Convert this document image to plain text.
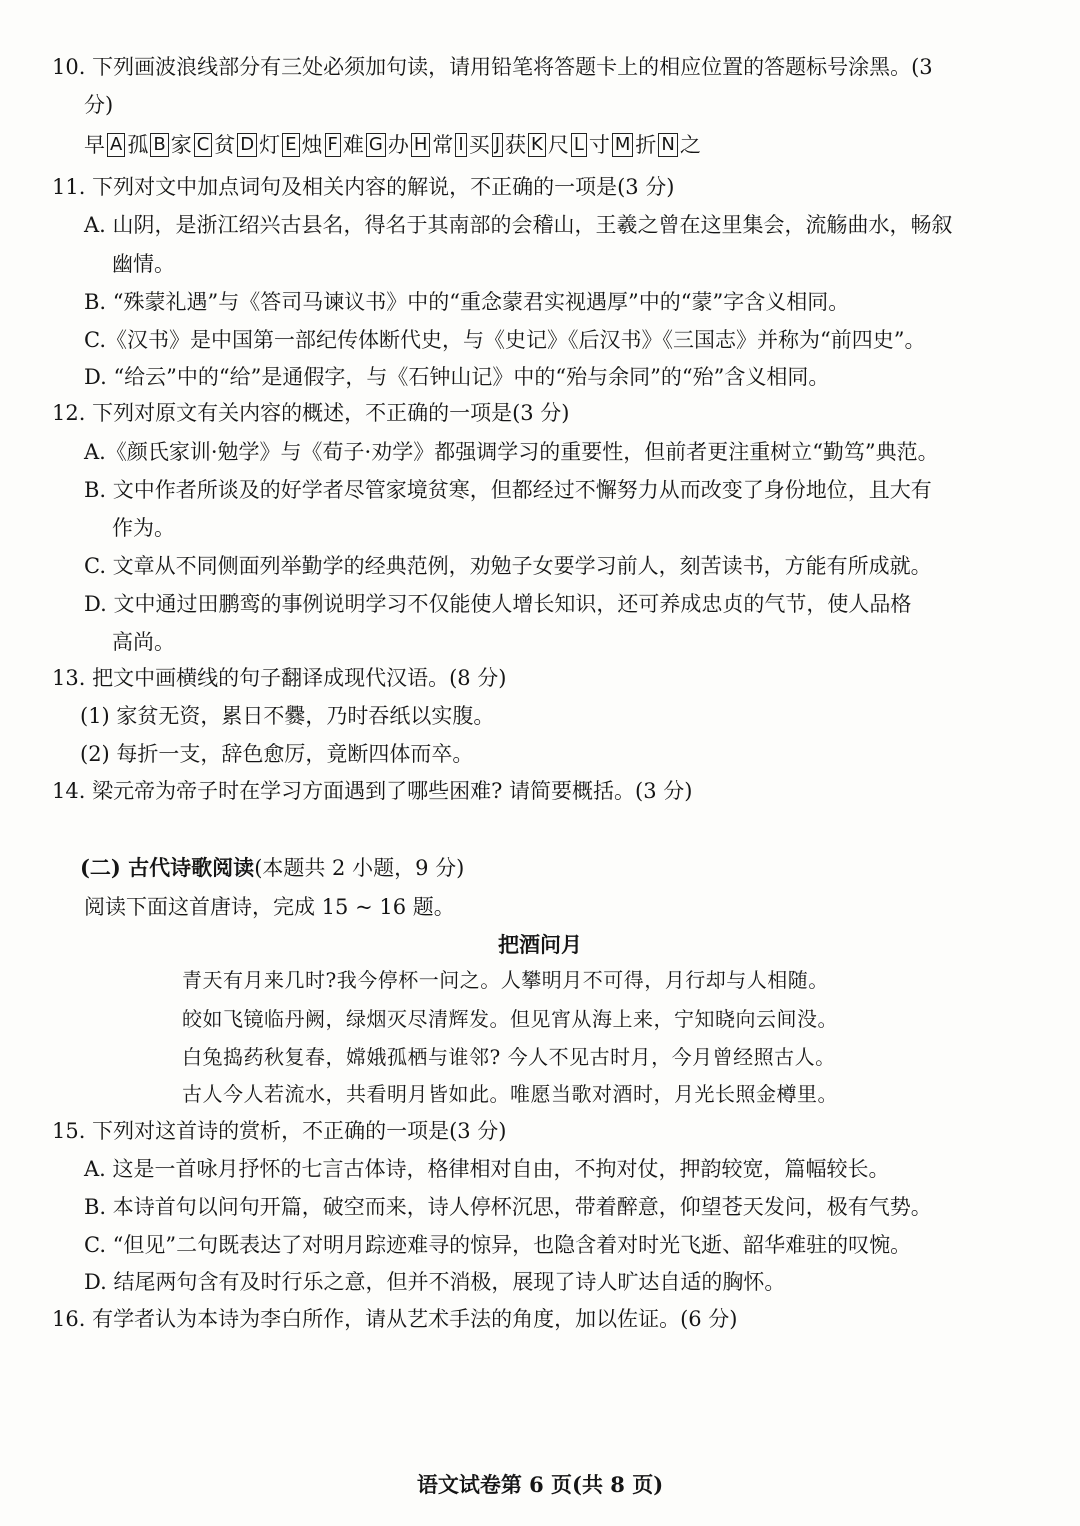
10. 下列画波浪线部分有三处必须加句读，请用铅笔将答题卡上的相应位置的答题标号涂黑。(3
分)
早 A 孤 B 家 C 贫 D 灯 E 烛 F 难 G 办 H 常 I 买 J 获 K 尺 L 寸 M 折 N 之
11. 下列对文中加点词句及相关内容的解说，不正确的一项是(3 分)
A. 山阴，是浙江绍兴古县名，得名于其南部的会稽山，王羲之曾在这里集会，流觞曲水，畅叙
幽情。
B. “殊蒙礼遇”与《答司马谏议书》中的“重念蒙君实视遇厚”中的“蒙”字含义相同。
C.《汉书》是中国第一部纪传体断代史，与《史记》《后汉书》《三国志》并称为“前四史”。
D. “给云”中的“给”是通假字，与《石钟山记》中的“殆与余同”的“殆”含义相同。
12. 下列对原文有关内容的概述，不正确的一项是(3 分)
A.《颜氏家训·勉学》与《荀子·劝学》都强调学习的重要性，但前者更注重树立“勤笃”典范。
B. 文中作者所谈及的好学者尽管家境贫寒，但都经过不懈努力从而改变了身份地位，且大有
作为。
C. 文章从不同侧面列举勤学的经典范例，劝勉子女要学习前人，刻苦读书，方能有所成就。
D. 文中通过田鹏鸾的事例说明学习不仅能使人增长知识，还可养成忠贞的气节，使人品格
高尚。
13. 把文中画横线的句子翻译成现代汉语。(8 分)
(1) 家贫无资，累日不爨，乃时吞纸以实腹。
(2) 每折一支，辞色愈厉，竟断四体而卒。
14. 梁元帝为帝子时在学习方面遇到了哪些困难? 请简要概括。(3 分)
(二) 古代诗歌阅读(本题共 2 小题，9 分)
阅读下面这首唐诗，完成 15 ~ 16 题。
把酒问月
青天有月来几时?我今停杯一问之。人攀明月不可得，月行却与人相随。
皎如飞镜临丹阙，绿烟灭尽清辉发。但见宵从海上来，宁知晓向云间没。
白兔捣药秋复春，嫦娥孤栖与谁邻? 今人不见古时月，今月曾经照古人。
古人今人若流水，共看明月皆如此。唯愿当歌对酒时，月光长照金樽里。
15. 下列对这首诗的赏析，不正确的一项是(3 分)
A. 这是一首咏月抒怀的七言古体诗，格律相对自由，不拘对仗，押韵较宽，篇幅较长。
B. 本诗首句以问句开篇，破空而来，诗人停杯沉思，带着醉意，仰望苍天发问，极有气势。
C. “但见”二句既表达了对明月踪迹难寻的惊异，也隐含着对时光飞逝、韶华难驻的叹惋。
D. 结尾两句含有及时行乐之意，但并不消极，展现了诗人旷达自适的胸怀。
16. 有学者认为本诗为李白所作，请从艺术手法的角度，加以佐证。(6 分)
语文试卷第 6 页(共 8 页)
